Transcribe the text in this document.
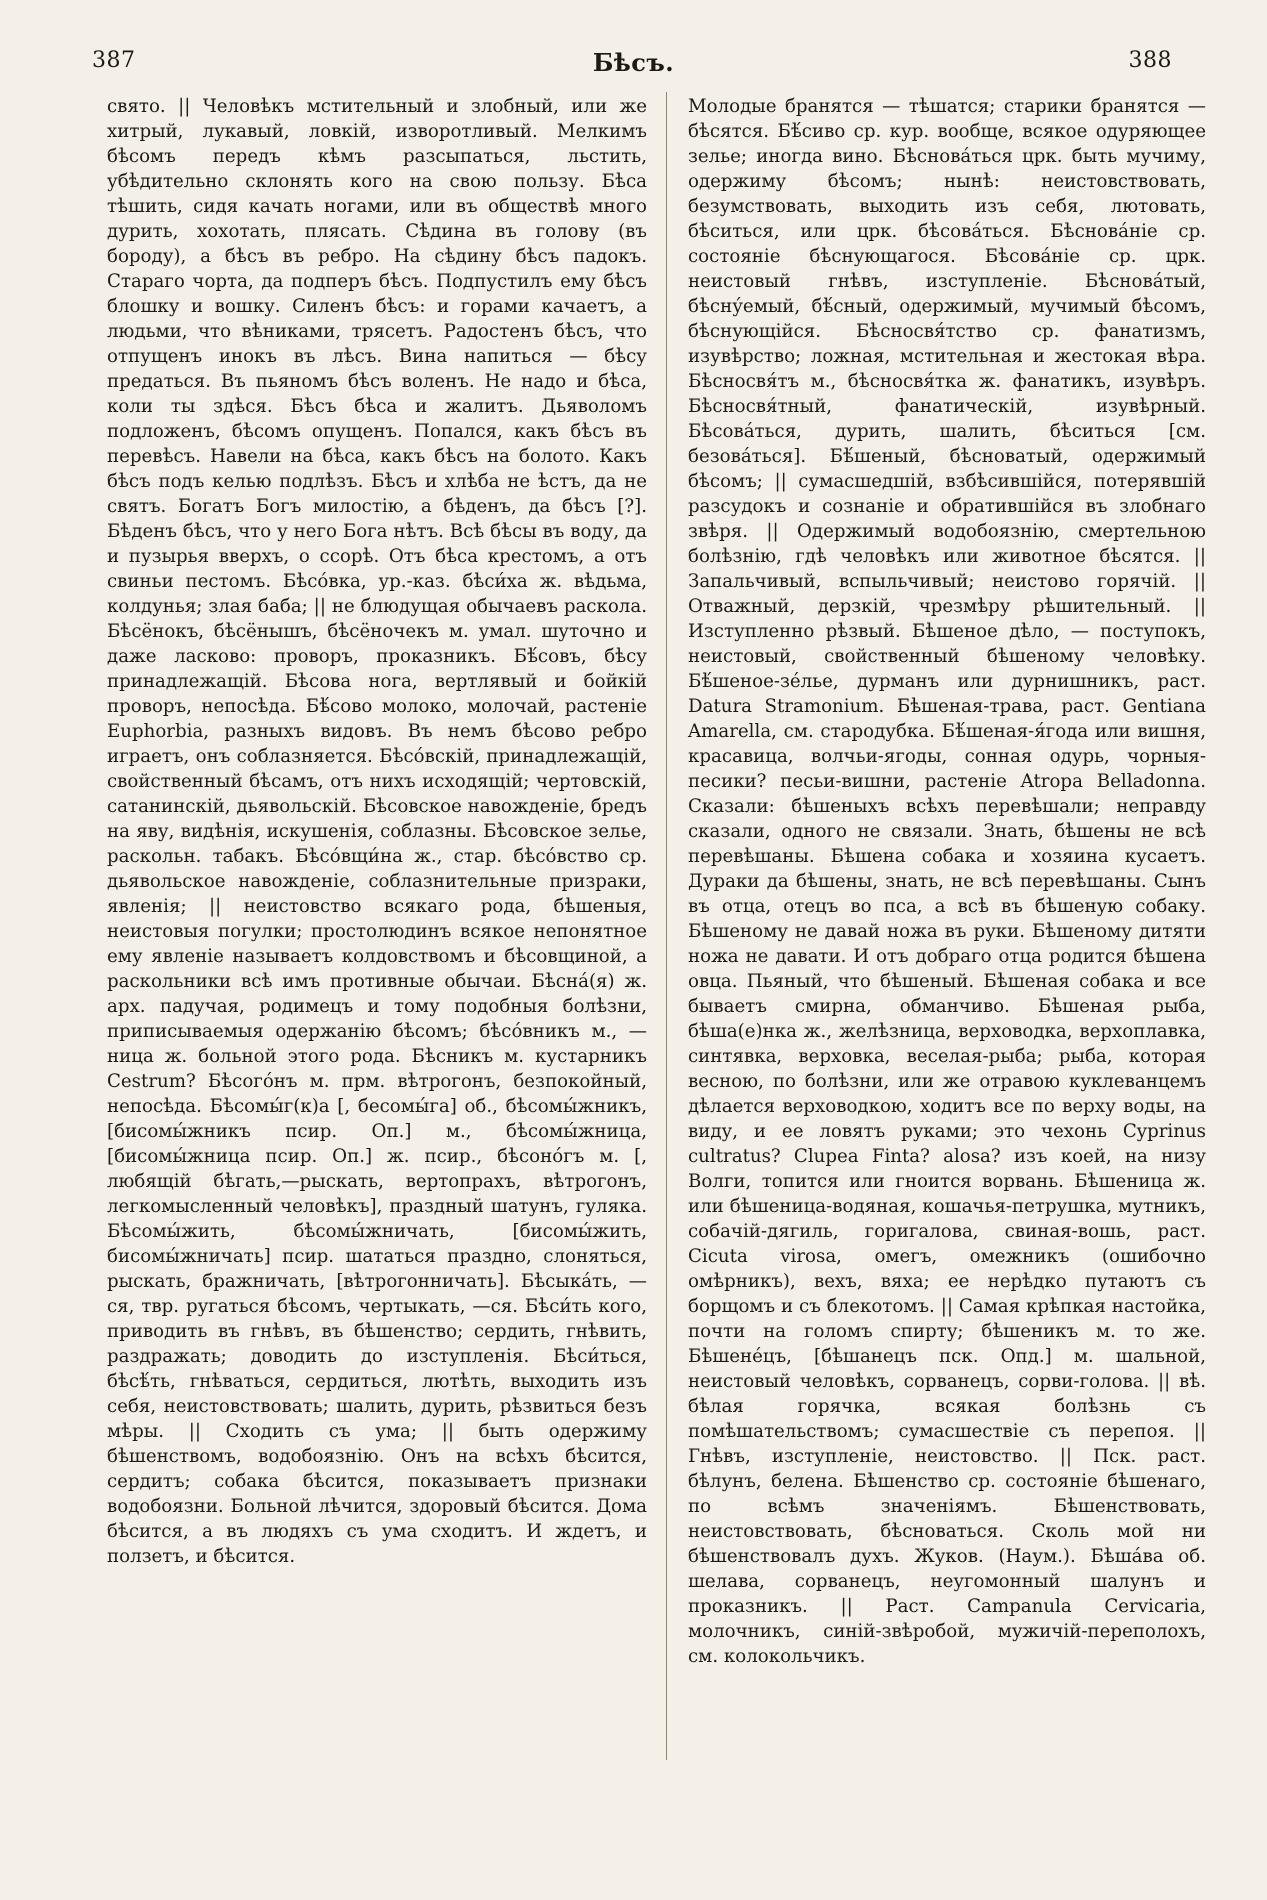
387	Бѣсъ.	388

свято. || Человѣкъ мстительный и злобный, или же хитрый, лукавый, ловкій, изворотливый. Мелкимъ бѣсомъ передъ кѣмъ разсыпаться, льстить, убѣдительно склонять кого на свою пользу. Бѣса тѣшить, сидя качать ногами, или въ обществѣ много дурить, хохотать, плясать. Сѣдина въ голову (въ бороду), а бѣсъ въ ребро. На сѣдину бѣсъ падокъ. Стараго чорта, да подперъ бѣсъ. Подпустилъ ему бѣсъ блошку и вошку. Силенъ бѣсъ: и горами качаетъ, а людьми, что вѣниками, трясетъ. Радостенъ бѣсъ, что отпущенъ инокъ въ лѣсъ. Вина напиться — бѣсу предаться. Въ пьяномъ бѣсъ воленъ. Не надо и бѣса, коли ты здѣся. Бѣсъ бѣса и жалитъ. Дьяволомъ подложенъ, бѣсомъ опущенъ. Попался, какъ бѣсъ въ перевѣсъ. Навели на бѣса, какъ бѣсъ на болото. Какъ бѣсъ подъ келью подлѣзъ. Бѣсъ и хлѣба не ѣстъ, да не святъ. Богатъ Богъ милостію, а бѣденъ, да бѣсъ [?]. Бѣденъ бѣсъ, что у него Бога нѣтъ. Всѣ бѣсы въ воду, да и пузырья вверхъ, о ссорѣ. Отъ бѣса крестомъ, а отъ свиньи пестомъ. Бѣсо́вка, ур.-каз. бѣси́ха ж. вѣдьма, колдунья; злая баба; || не блюдущая обычаевъ раскола. Бѣсёнокъ, бѣсёнышъ, бѣсёночекъ м. умал. шуточно и даже ласково: проворъ, проказникъ. Бѣ́совъ, бѣсу принадлежащій. Бѣсова нога, вертлявый и бойкій проворъ, непосѣда. Бѣ́сово молоко, молочай, растеніе Euphorbia, разныхъ видовъ. Въ немъ бѣсово ребро играетъ, онъ соблазняется. Бѣсо́вскій, принадлежащій, свойственный бѣсамъ, отъ нихъ исходящій; чертовскій, сатанинскій, дьявольскій. Бѣсовское навожденіе, бредъ на яву, видѣнія, искушенія, соблазны. Бѣсовское зелье, раскольн. табакъ. Бѣсо́вщи́на ж., стар. бѣсо́вство ср. дьявольское навожденіе, соблазнительные призраки, явленія; || неистовство всякаго рода, бѣшеныя, неистовыя погулки; простолюдинъ всякое непонятное ему явленіе называетъ колдовствомъ и бѣсовщиной, а раскольники всѣ имъ противные обычаи. Бѣсна́(я) ж. арх. падучая, родимецъ и тому подобныя болѣзни, приписываемыя одержанію бѣсомъ; бѣсо́вникъ м., —ница ж. больной этого рода. Бѣсникъ м. кустарникъ Cestrum? Бѣсого́нъ м. прм. вѣтрогонъ, безпокойный, непосѣда. Бѣсомы́г(к)а [, бесомы́га] об., бѣсомы́жникъ, [бисомы́жникъ псир. Оп.] м., бѣсомы́жница, [бисомы́жница псир. Оп.] ж. псир., бѣсоно́гъ м. [, любящій бѣгать,—рыскать, вертопрахъ, вѣтрогонъ, легкомысленный человѣкъ], праздный шатунъ, гуляка. Бѣсомы́жить, бѣсомы́жничать, [бисомы́жить, бисомы́жничать] псир. шататься праздно, слоняться, рыскать, бражничать, [вѣтрогонничать]. Бѣсыка́ть, —ся, твр. ругаться бѣсомъ, чертыкать, —ся. Бѣси́ть кого, приводить въ гнѣвъ, въ бѣшенство; сердить, гнѣвить, раздражать; доводить до изступленія. Бѣси́ться, бѣсѣ́ть, гнѣваться, сердиться, лютѣть, выходить изъ себя, неистовствовать; шалить, дурить, рѣзвиться безъ мѣры. || Сходить съ ума; || быть одержиму бѣшенствомъ, водобоязнію. Онъ на всѣхъ бѣсится, сердитъ; собака бѣсится, показываетъ признаки водобоязни. Больной лѣчится, здоровый бѣсится. Дома бѣсится, а въ людяхъ съ ума сходитъ. И ждетъ, и ползетъ, и бѣсится.

Молодые бранятся — тѣшатся; старики бранятся — бѣсятся. Бѣ́сиво ср. кур. вообще, всякое одуряющее зелье; иногда вино. Бѣснова́ться црк. быть мучиму, одержиму бѣсомъ; нынѣ: неистовствовать, безумствовать, выходить изъ себя, лютовать, бѣситься, или црк. бѣсова́ться. Бѣснова́ніе ср. состояніе бѣснующагося. Бѣсова́ніе ср. црк. неистовый гнѣвъ, изступленіе. Бѣснова́тый, бѣсну́емый, бѣ́сный, одержимый, мучимый бѣсомъ, бѣснующійся. Бѣсносвя́тство ср. фанатизмъ, изувѣрство; ложная, мстительная и жестокая вѣра. Бѣсносвя́тъ м., бѣсносвя́тка ж. фанатикъ, изувѣръ. Бѣсносвя́тный, фанатическій, изувѣрный. Бѣсова́ться, дурить, шалить, бѣситься [см. безова́ться]. Бѣ́шеный, бѣсноватый, одержимый бѣсомъ; || сумасшедшій, взбѣсившійся, потерявшій разсудокъ и сознаніе и обратившійся въ злобнаго звѣря. || Одержимый водобоязнію, смертельною болѣзнію, гдѣ человѣкъ или животное бѣсятся. || Запальчивый, вспыльчивый; неистово горячій. || Отважный, дерзкій, чрезмѣру рѣшительный. || Изступленно рѣзвый. Бѣшеное дѣло, — поступокъ, неистовый, свойственный бѣшеному человѣку. Бѣ́шеное-зе́лье, дурманъ или дурнишникъ, раст. Datura Stramonium. Бѣшеная-трава, раст. Gentiana Amarella, см. стародубка. Бѣ́шеная-я́года или вишня, красавица, волчьи-ягоды, сонная одурь, чорныя-песики? песьи-вишни, растеніе Atropa Belladonna. Сказали: бѣшеныхъ всѣхъ перевѣшали; неправду сказали, одного не связали. Знать, бѣшены не всѣ перевѣшаны. Бѣшена собака и хозяина кусаетъ. Дураки да бѣшены, знать, не всѣ перевѣшаны. Сынъ въ отца, отецъ во пса, а всѣ въ бѣшеную собаку. Бѣшеному не давай ножа въ руки. Бѣшеному дитяти ножа не давати. И отъ добраго отца родится бѣшена овца. Пьяный, что бѣшеный. Бѣшеная собака и все бываетъ смирна, обманчиво. Бѣшеная рыба, бѣша(е)нка ж., желѣзница, верховодка, верхоплавка, синтявка, верховка, веселая-рыба; рыба, которая весною, по болѣзни, или же отравою куклеванцемъ дѣлается верховодкою, ходитъ все по верху воды, на виду, и ее ловятъ руками; это чехонь Cyprinus cultratus? Clupea Finta? alosa? изъ коей, на низу Волги, топится или гноится ворвань. Бѣшеница ж. или бѣшеница-водяная, кошачья-петрушка, мутникъ, собачій-дягиль, горигалова, свиная-вошь, раст. Cicuta virosa, омегъ, омежникъ (ошибочно омѣрникъ), вехъ, вяха; ее нерѣдко путаютъ съ борщомъ и съ блекотомъ. || Самая крѣпкая настойка, почти на голомъ спирту; бѣшеникъ м. то же. Бѣшене́цъ, [бѣшанецъ пск. Опд.] м. шальной, неистовый человѣкъ, сорванецъ, сорви-голова. || вѣ. бѣлая горячка, всякая болѣзнь съ помѣшательствомъ; сумасшествіе съ перепоя. || Гнѣвъ, изступленіе, неистовство. || Пск. раст. бѣлунъ, белена. Бѣшенство ср. состояніе бѣшенаго, по всѣмъ значеніямъ. Бѣшенствовать, неистовствовать, бѣсноваться. Сколь мой ни бѣшенствовалъ духъ. Жуков. (Наум.). Бѣша́ва об. шелава, сорванецъ, неугомонный шалунъ и проказникъ. || Раст. Campanula Cervicaria, молочникъ, синій-звѣробой, мужичій-переполохъ, см. колокольчикъ.
